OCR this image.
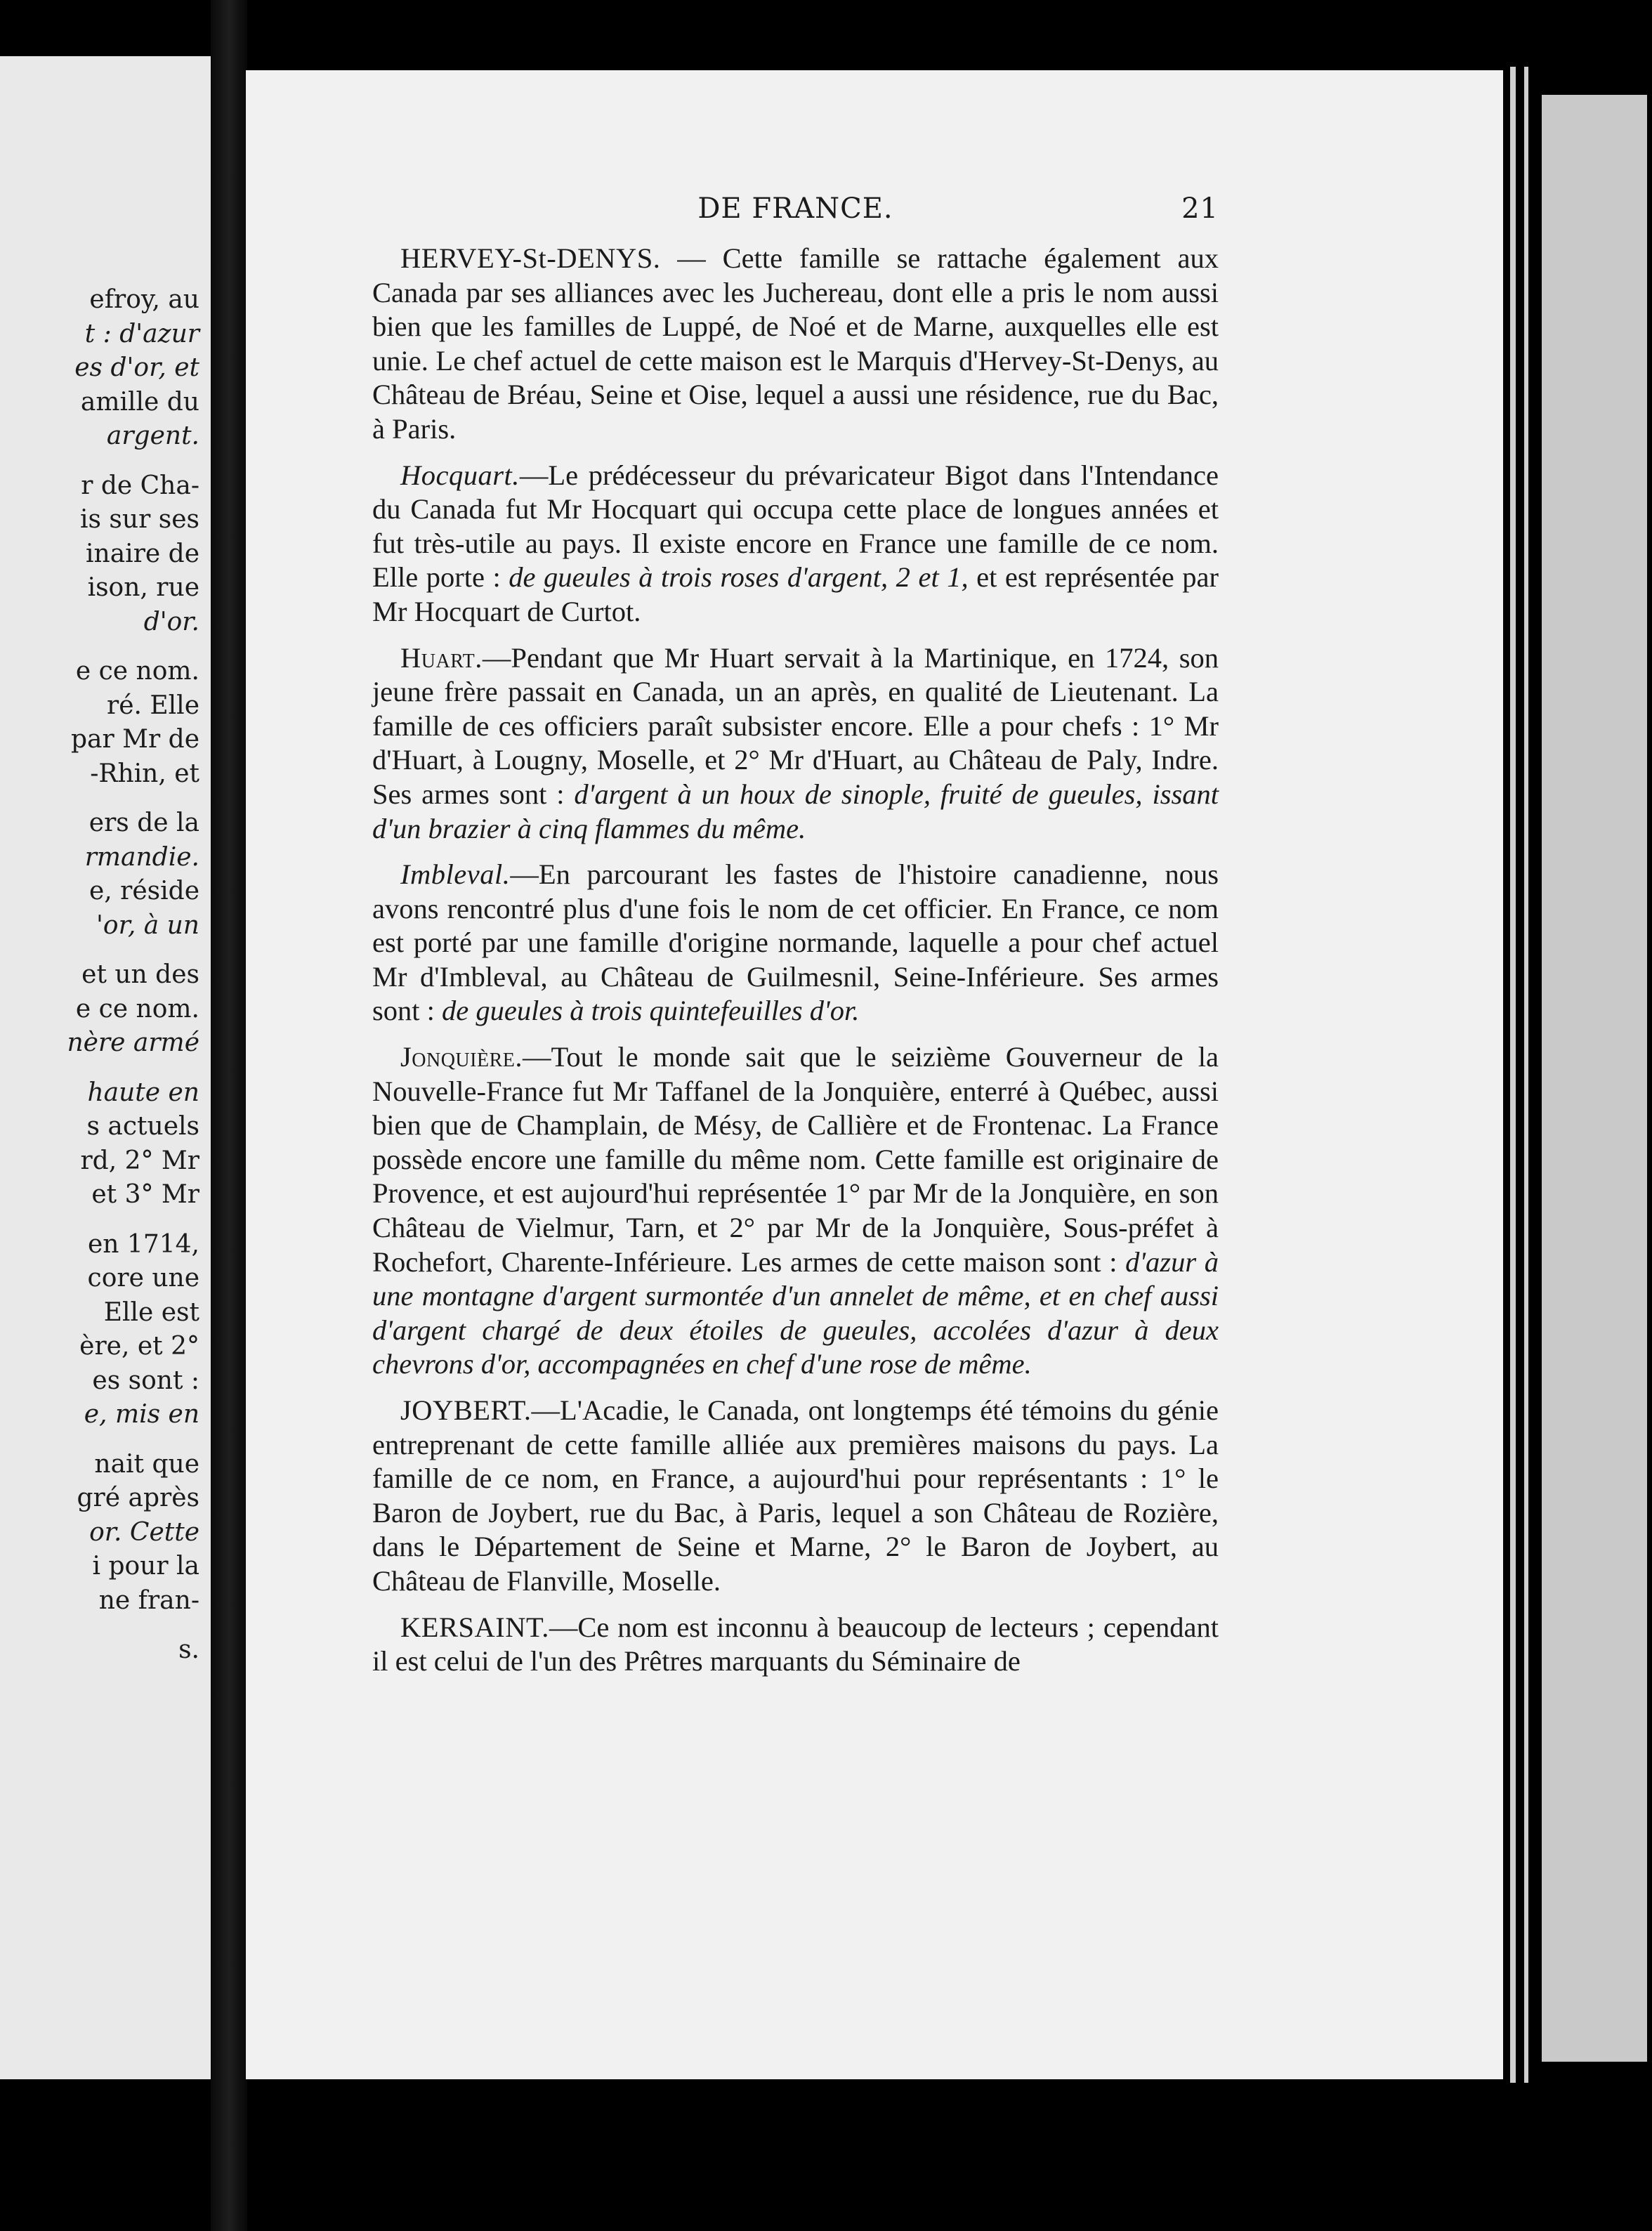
efroy, au
t : d'azur
es d'or, et
amille du
argent.
r de Cha-
is sur ses
inaire de
ison, rue
d'or.
e ce nom.
ré. Elle
par Mr de
-Rhin, et
ers de la
rmandie.
e, réside
'or, à un
et un des
e ce nom.
nère armé
haute en
s actuels
rd, 2° Mr
et 3° Mr
en 1714,
core une
Elle est
ère, et 2°
es sont :
e, mis en
nait que
gré après
or. Cette
i pour la
ne fran-
s.
DE FRANCE.	21

HERVEY-St-DENYS. — Cette famille se rattache également aux Canada par ses alliances avec les Juchereau, dont elle a pris le nom aussi bien que les familles de Luppé, de Noé et de Marne, auxquelles elle est unie. Le chef actuel de cette maison est le Marquis d'Hervey-St-Denys, au Château de Bréau, Seine et Oise, lequel a aussi une résidence, rue du Bac, à Paris.

Hocquart.—Le prédécesseur du prévaricateur Bigot dans l'Intendance du Canada fut Mr Hocquart qui occupa cette place de longues années et fut très-utile au pays. Il existe encore en France une famille de ce nom. Elle porte : de gueules à trois roses d'argent, 2 et 1, et est représentée par Mr Hocquart de Curtot.

Huart.—Pendant que Mr Huart servait à la Martinique, en 1724, son jeune frère passait en Canada, un an après, en qualité de Lieutenant. La famille de ces officiers paraît subsister encore. Elle a pour chefs : 1° Mr d'Huart, à Lougny, Moselle, et 2° Mr d'Huart, au Château de Paly, Indre. Ses armes sont : d'argent à un houx de sinople, fruité de gueules, issant d'un brazier à cinq flammes du même.

Imbleval.—En parcourant les fastes de l'histoire canadienne, nous avons rencontré plus d'une fois le nom de cet officier. En France, ce nom est porté par une famille d'origine normande, laquelle a pour chef actuel Mr d'Imbleval, au Château de Guilmesnil, Seine-Inférieure. Ses armes sont : de gueules à trois quintefeuilles d'or.

Jonquière.—Tout le monde sait que le seizième Gouverneur de la Nouvelle-France fut Mr Taffanel de la Jonquière, enterré à Québec, aussi bien que de Champlain, de Mésy, de Callière et de Frontenac. La France possède encore une famille du même nom. Cette famille est originaire de Provence, et est aujourd'hui représentée 1° par Mr de la Jonquière, en son Château de Vielmur, Tarn, et 2° par Mr de la Jonquière, Sous-préfet à Rochefort, Charente-Inférieure. Les armes de cette maison sont : d'azur à une montagne d'argent surmontée d'un annelet de même, et en chef aussi d'argent chargé de deux étoiles de gueules, accolées d'azur à deux chevrons d'or, accompagnées en chef d'une rose de même.

JOYBERT.—L'Acadie, le Canada, ont longtemps été témoins du génie entreprenant de cette famille alliée aux premières maisons du pays. La famille de ce nom, en France, a aujourd'hui pour représentants : 1° le Baron de Joybert, rue du Bac, à Paris, lequel a son Château de Rozière, dans le Département de Seine et Marne, 2° le Baron de Joybert, au Château de Flanville, Moselle.

KERSAINT.—Ce nom est inconnu à beaucoup de lecteurs ; cependant il est celui de l'un des Prêtres marquants du Séminaire de
